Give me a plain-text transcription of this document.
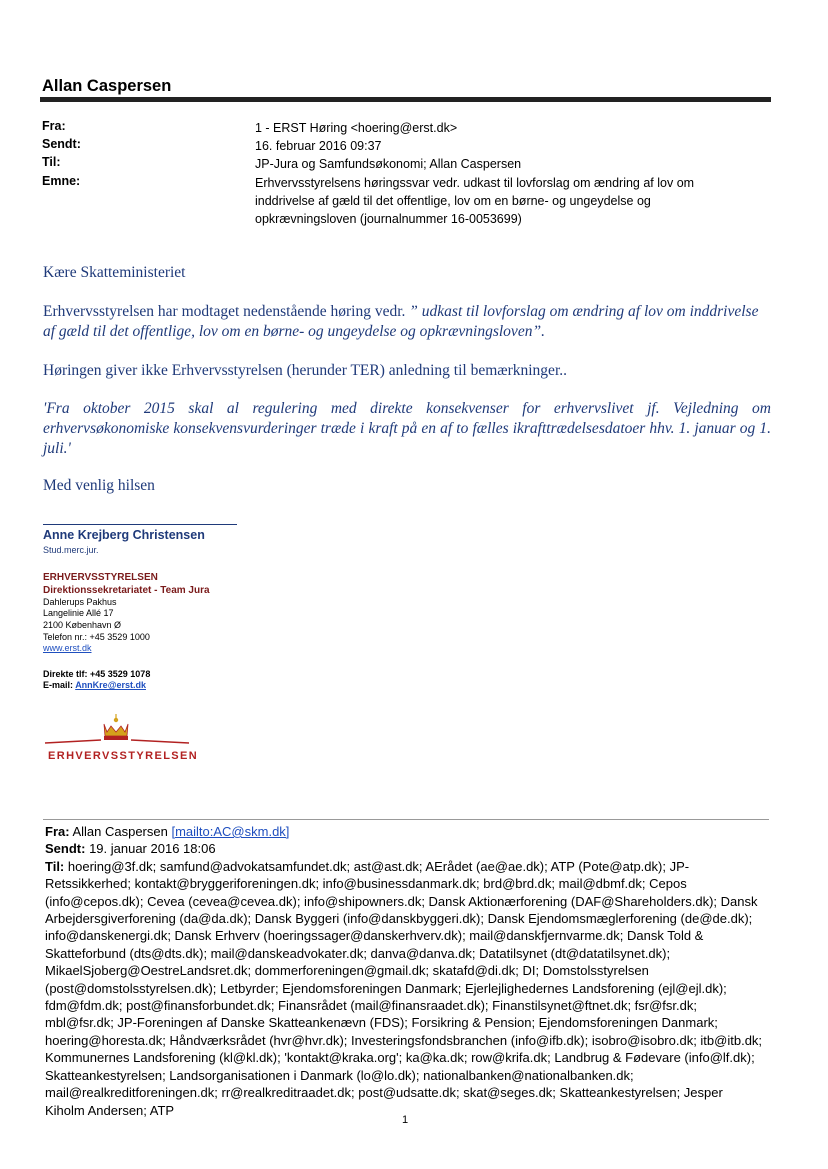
Allan Caspersen
Fra:	1 - ERST Høring <hoering@erst.dk>
Sendt:	16. februar 2016 09:37
Til:	JP-Jura og Samfundsøkonomi; Allan Caspersen
Emne:	Erhvervsstyrelsens høringssvar vedr. udkast til lovforslag om ændring af lov om inddrivelse af gæld til det offentlige, lov om en børne- og ungeydelse og opkrævningsloven (journalnummer 16-0053699)
Kære Skatteministeriet
Erhvervsstyrelsen har modtaget nedenstående høring vedr. ” udkast til lovforslag om ændring af lov om inddrivelse af gæld til det offentlige, lov om en børne- og ungeydelse og opkrævningsloven”.
Høringen giver ikke Erhvervsstyrelsen (herunder TER) anledning til bemærkninger..
'Fra oktober 2015 skal al regulering med direkte konsekvenser for erhvervslivet jf. Vejledning om erhvervsøkonomiske konsekvensvurderinger træde i kraft på en af to fælles ikrafttrædelsesdatoer hhv. 1. januar og 1. juli.'
Med venlig hilsen
Anne Krejberg Christensen
Stud.merc.jur.
ERHVERVSSTYRELSEN
Direktionssekretariatet - Team Jura
Dahlerups Pakhus
Langelinie Allé 17
2100 København Ø
Telefon nr.: +45 3529 1000
www.erst.dk
Direkte tlf: +45 3529 1078
E-mail: AnnKre@erst.dk
ERHVERVSSTYRELSEN
Fra: Allan Caspersen [mailto:AC@skm.dk]
Sendt: 19. januar 2016 18:06
Til: hoering@3f.dk; samfund@advokatsamfundet.dk; ast@ast.dk; AErådet (ae@ae.dk); ATP (Pote@atp.dk); JP-Retssikkerhed; kontakt@bryggeriforeningen.dk; info@businessdanmark.dk; brd@brd.dk; mail@dbmf.dk; Cepos (info@cepos.dk); Cevea (cevea@cevea.dk); info@shipowners.dk; Dansk Aktionærforening (DAF@Shareholders.dk); Dansk Arbejdersgiverforening (da@da.dk); Dansk Byggeri (info@danskbyggeri.dk); Dansk Ejendomsmæglerforening (de@de.dk); info@danskenergi.dk; Dansk Erhverv (hoeringssager@danskerhverv.dk); mail@danskfjernvarme.dk; Dansk Told & Skatteforbund (dts@dts.dk); mail@danskeadvokater.dk; danva@danva.dk; Datatilsynet (dt@datatilsynet.dk); MikaelSjoberg@OestreLandsret.dk; dommerforeningen@gmail.dk; skatafd@di.dk; DI; Domstolsstyrelsen (post@domstolsstyrelsen.dk); Letbyrder; Ejendomsforeningen Danmark; Ejerlejlighedernes Landsforening (ejl@ejl.dk); fdm@fdm.dk; post@finansforbundet.dk; Finansrådet (mail@finansraadet.dk); Finanstilsynet@ftnet.dk; fsr@fsr.dk; mbl@fsr.dk; JP-Foreningen af Danske Skatteankenævn (FDS); Forsikring & Pension; Ejendomsforeningen Danmark; hoering@horesta.dk; Håndværksrådet (hvr@hvr.dk); Investeringsfondsbranchen (info@ifb.dk); isobro@isobro.dk; itb@itb.dk; Kommunernes Landsforening (kl@kl.dk); 'kontakt@kraka.org'; ka@ka.dk; row@krifa.dk; Landbrug & Fødevare (info@lf.dk); Skatteankestyrelsen; Landsorganisationen i Danmark (lo@lo.dk); nationalbanken@nationalbanken.dk; mail@realkreditforeningen.dk; rr@realkreditraadet.dk; post@udsatte.dk; skat@seges.dk; Skatteankestyrelsen; Jesper Kiholm Andersen; ATP
1
